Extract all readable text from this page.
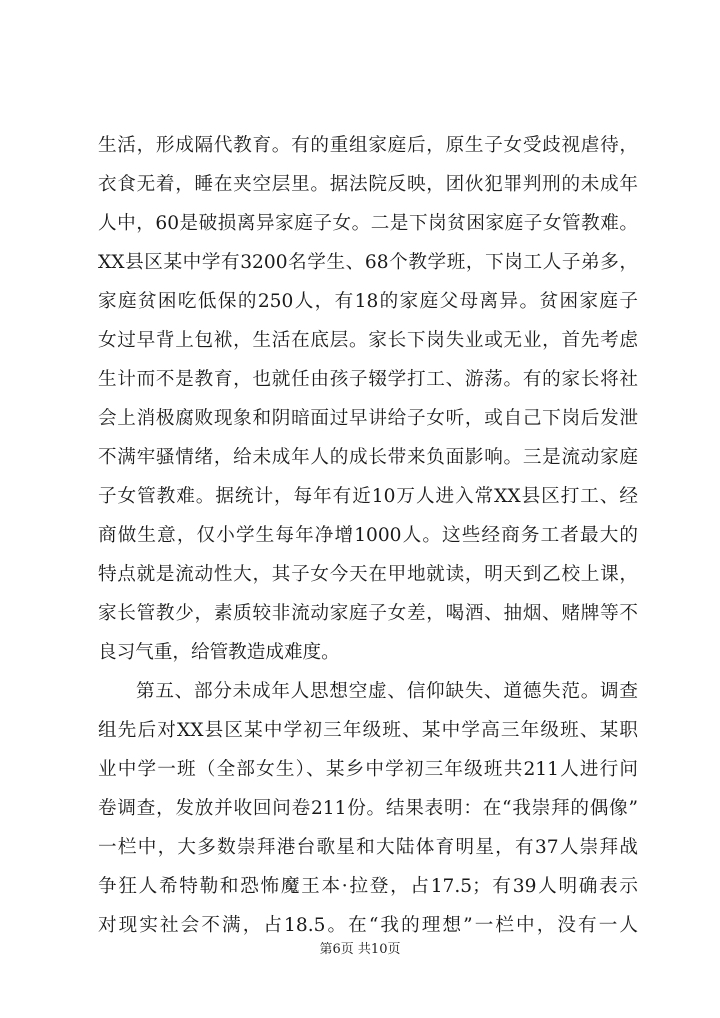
生活，形成隔代教育。有的重组家庭后，原生子女受歧视虐待，
衣食无着，睡在夹空层里。据法院反映，团伙犯罪判刑的未成年
人中，60是破损离异家庭子女。二是下岗贫困家庭子女管教难。
XX县区某中学有3200名学生、68个教学班，下岗工人子弟多，
家庭贫困吃低保的250人，有18的家庭父母离异。贫困家庭子
女过早背上包袱，生活在底层。家长下岗失业或无业，首先考虑
生计而不是教育，也就任由孩子辍学打工、游荡。有的家长将社
会上消极腐败现象和阴暗面过早讲给子女听，或自己下岗后发泄
不满牢骚情绪，给未成年人的成长带来负面影响。三是流动家庭
子女管教难。据统计，每年有近10万人进入常XX县区打工、经
商做生意，仅小学生每年净增1000人。这些经商务工者最大的
特点就是流动性大，其子女今天在甲地就读，明天到乙校上课，
家长管教少，素质较非流动家庭子女差，喝酒、抽烟、赌牌等不
良习气重，给管教造成难度。
第五、部分未成年人思想空虚、信仰缺失、道德失范。调查
组先后对XX县区某中学初三年级班、某中学高三年级班、某职
业中学一班（全部女生）、某乡中学初三年级班共211人进行问
卷调查，发放并收回问卷211份。结果表明：在“我崇拜的偶像”
一栏中，大多数崇拜港台歌星和大陆体育明星，有37人崇拜战
争狂人希特勒和恐怖魔王本·拉登，占17.5；有39人明确表示
对现实社会不满，占18.5。在“我的理想”一栏中，没有一人
第6页 共10页
